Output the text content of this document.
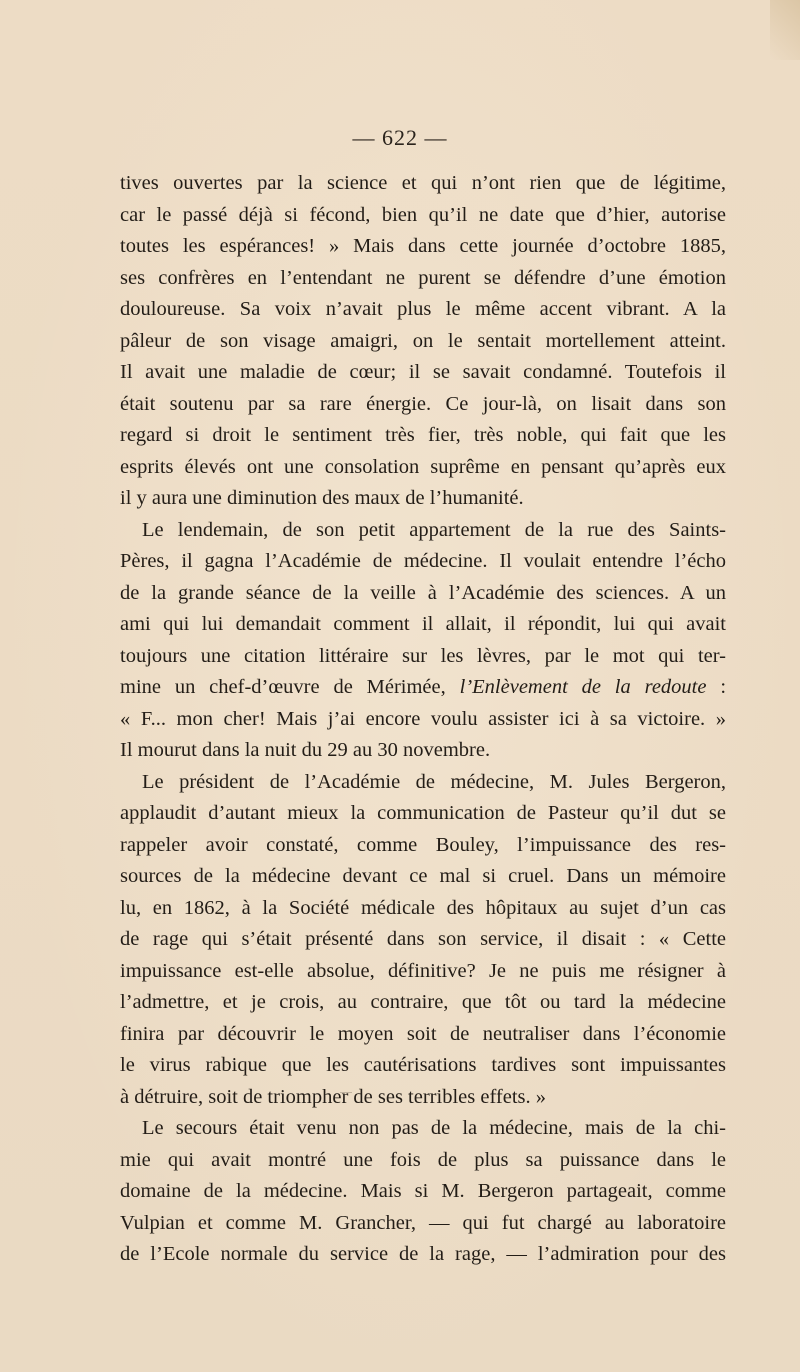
— 622 —
tives ouvertes par la science et qui n’ont rien que de légitime,
car le passé déjà si fécond, bien qu’il ne date que d’hier, autorise
toutes les espérances! » Mais dans cette journée d’octobre 1885,
ses confrères en l’entendant ne purent se défendre d’une émotion
douloureuse. Sa voix n’avait plus le même accent vibrant. A la
pâleur de son visage amaigri, on le sentait mortellement atteint.
Il avait une maladie de cœur; il se savait condamné. Toutefois il
était soutenu par sa rare énergie. Ce jour-là, on lisait dans son
regard si droit le sentiment très fier, très noble, qui fait que les
esprits élevés ont une consolation suprême en pensant qu’après eux
il y aura une diminution des maux de l’humanité.
Le lendemain, de son petit appartement de la rue des Saints-
Pères, il gagna l’Académie de médecine. Il voulait entendre l’écho
de la grande séance de la veille à l’Académie des sciences. A un
ami qui lui demandait comment il allait, il répondit, lui qui avait
toujours une citation littéraire sur les lèvres, par le mot qui ter-
mine un chef-d’œuvre de Mérimée, l’Enlèvement de la redoute :
« F... mon cher! Mais j’ai encore voulu assister ici à sa victoire. »
Il mourut dans la nuit du 29 au 30 novembre.
Le président de l’Académie de médecine, M. Jules Bergeron,
applaudit d’autant mieux la communication de Pasteur qu’il dut se
rappeler avoir constaté, comme Bouley, l’impuissance des res-
sources de la médecine devant ce mal si cruel. Dans un mémoire
lu, en 1862, à la Société médicale des hôpitaux au sujet d’un cas
de rage qui s’était présenté dans son service, il disait : « Cette
impuissance est-elle absolue, définitive? Je ne puis me résigner à
l’admettre, et je crois, au contraire, que tôt ou tard la médecine
finira par découvrir le moyen soit de neutraliser dans l’économie
le virus rabique que les cautérisations tardives sont impuissantes
à détruire, soit de triompher de ses terribles effets. »
Le secours était venu non pas de la médecine, mais de la chi-
mie qui avait montré une fois de plus sa puissance dans le
domaine de la médecine. Mais si M. Bergeron partageait, comme
Vulpian et comme M. Grancher, — qui fut chargé au laboratoire
de l’Ecole normale du service de la rage, — l’admiration pour des
